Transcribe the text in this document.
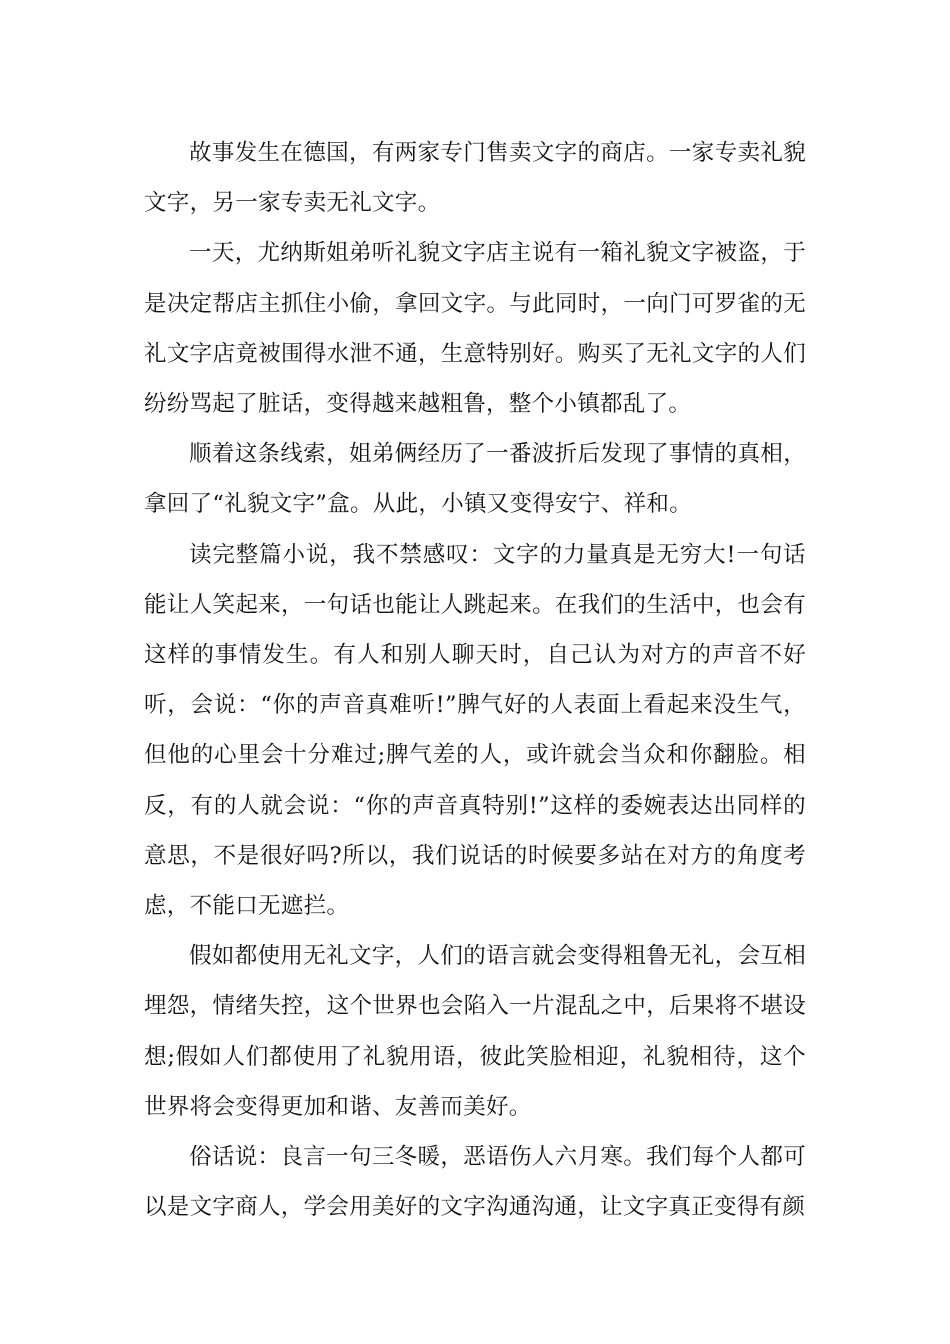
故事发生在德国，有两家专门售卖文字的商店。一家专卖礼貌文字，另一家专卖无礼文字。

一天，尤纳斯姐弟听礼貌文字店主说有一箱礼貌文字被盗，于是决定帮店主抓住小偷，拿回文字。与此同时，一向门可罗雀的无礼文字店竟被围得水泄不通，生意特别好。购买了无礼文字的人们纷纷骂起了脏话，变得越来越粗鲁，整个小镇都乱了。

顺着这条线索，姐弟俩经历了一番波折后发现了事情的真相，拿回了“礼貌文字”盒。从此，小镇又变得安宁、祥和。

读完整篇小说，我不禁感叹：文字的力量真是无穷大!一句话能让人笑起来，一句话也能让人跳起来。在我们的生活中，也会有这样的事情发生。有人和别人聊天时，自己认为对方的声音不好听，会说：“你的声音真难听!”脾气好的人表面上看起来没生气，但他的心里会十分难过;脾气差的人，或许就会当众和你翻脸。相反，有的人就会说：“你的声音真特别!”这样的委婉表达出同样的意思，不是很好吗?所以，我们说话的时候要多站在对方的角度考虑，不能口无遮拦。

假如都使用无礼文字，人们的语言就会变得粗鲁无礼，会互相埋怨，情绪失控，这个世界也会陷入一片混乱之中，后果将不堪设想;假如人们都使用了礼貌用语，彼此笑脸相迎，礼貌相待，这个世界将会变得更加和谐、友善而美好。

俗话说：良言一句三冬暖，恶语伤人六月寒。我们每个人都可以是文字商人，学会用美好的文字沟通沟通，让文字真正变得有颜
